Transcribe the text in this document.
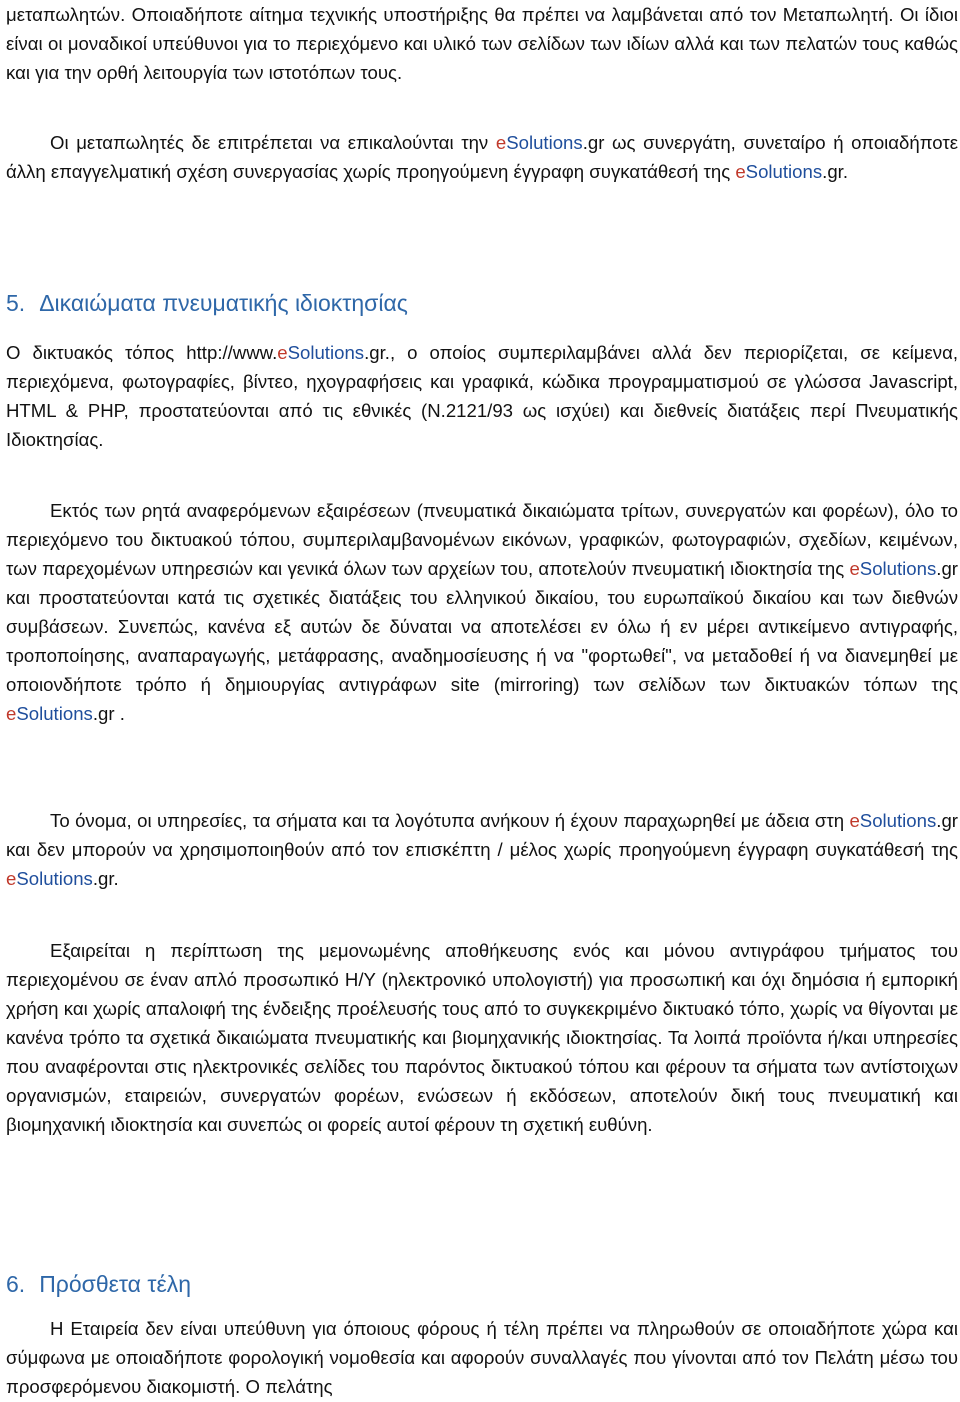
μεταπωλητών. Οποιαδήποτε αίτημα τεχνικής υποστήριξης θα πρέπει να λαμβάνεται από τον Μεταπωλητή. Οι ίδιοι είναι οι μοναδικοί υπεύθυνοι για το περιεχόμενο και υλικό των σελίδων των ιδίων αλλά και των πελατών τους καθώς και για την ορθή λειτουργία των ιστοτόπων τους.

Οι μεταπωλητές δε επιτρέπεται να επικαλούνται την eSolutions.gr ως συνεργάτη, συνεταίρο ή οποιαδήποτε άλλη επαγγελματική σχέση συνεργασίας χωρίς προηγούμενη έγγραφη συγκατάθεσή της eSolutions.gr.

5. Δικαιώματα πνευματικής ιδιοκτησίας

Ο δικτυακός τόπος http://www.eSolutions.gr., ο οποίος συμπεριλαμβάνει αλλά δεν περιορίζεται, σε κείμενα, περιεχόμενα, φωτογραφίες, βίντεο, ηχογραφήσεις και γραφικά, κώδικα προγραμματισμού σε γλώσσα Javascript, HTML & PHP, προστατεύονται από τις εθνικές (Ν.2121/93 ως ισχύει) και διεθνείς διατάξεις περί Πνευματικής Ιδιοκτησίας.

Εκτός των ρητά αναφερόμενων εξαιρέσεων (πνευματικά δικαιώματα τρίτων, συνεργατών και φορέων), όλο το περιεχόμενο του δικτυακού τόπου, συμπεριλαμβανομένων εικόνων, γραφικών, φωτογραφιών, σχεδίων, κειμένων, των παρεχομένων υπηρεσιών και γενικά όλων των αρχείων του, αποτελούν πνευματική ιδιοκτησία της eSolutions.gr και προστατεύονται κατά τις σχετικές διατάξεις του ελληνικού δικαίου, του ευρωπαϊκού δικαίου και των διεθνών συμβάσεων. Συνεπώς, κανένα εξ αυτών δε δύναται να αποτελέσει εν όλω ή εν μέρει αντικείμενο αντιγραφής, τροποποίησης, αναπαραγωγής, μετάφρασης, αναδημοσίευσης ή να "φορτωθεί", να μεταδοθεί ή να διανεμηθεί με οποιονδήποτε τρόπο ή δημιουργίας αντιγράφων site (mirroring) των σελίδων των δικτυακών τόπων της eSolutions.gr .

Το όνομα, οι υπηρεσίες, τα σήματα και τα λογότυπα ανήκουν ή έχουν παραχωρηθεί με άδεια στη eSolutions.gr και δεν μπορούν να χρησιμοποιηθούν από τον επισκέπτη / μέλος χωρίς προηγούμενη έγγραφη συγκατάθεσή της eSolutions.gr.

Εξαιρείται η περίπτωση της μεμονωμένης αποθήκευσης ενός και μόνου αντιγράφου τμήματος του περιεχομένου σε έναν απλό προσωπικό Η/Υ (ηλεκτρονικό υπολογιστή) για προσωπική και όχι δημόσια ή εμπορική χρήση και χωρίς απαλοιφή της ένδειξης προέλευσής τους από το συγκεκριμένο δικτυακό τόπο, χωρίς να θίγονται με κανένα τρόπο τα σχετικά δικαιώματα πνευματικής και βιομηχανικής ιδιοκτησίας. Τα λοιπά προϊόντα ή/και υπηρεσίες που αναφέρονται στις ηλεκτρονικές σελίδες του παρόντος δικτυακού τόπου και φέρουν τα σήματα των αντίστοιχων οργανισμών, εταιρειών, συνεργατών φορέων, ενώσεων ή εκδόσεων, αποτελούν δική τους πνευματική και βιομηχανική ιδιοκτησία και συνεπώς οι φορείς αυτοί φέρουν τη σχετική ευθύνη.

6. Πρόσθετα τέλη

Η Εταιρεία δεν είναι υπεύθυνη για όποιους φόρους ή τέλη πρέπει να πληρωθούν σε οποιαδήποτε χώρα και σύμφωνα με οποιαδήποτε φορολογική νομοθεσία και αφορούν συναλλαγές που γίνονται από τον Πελάτη μέσω του προσφερόμενου διακομιστή. Ο πελάτης
